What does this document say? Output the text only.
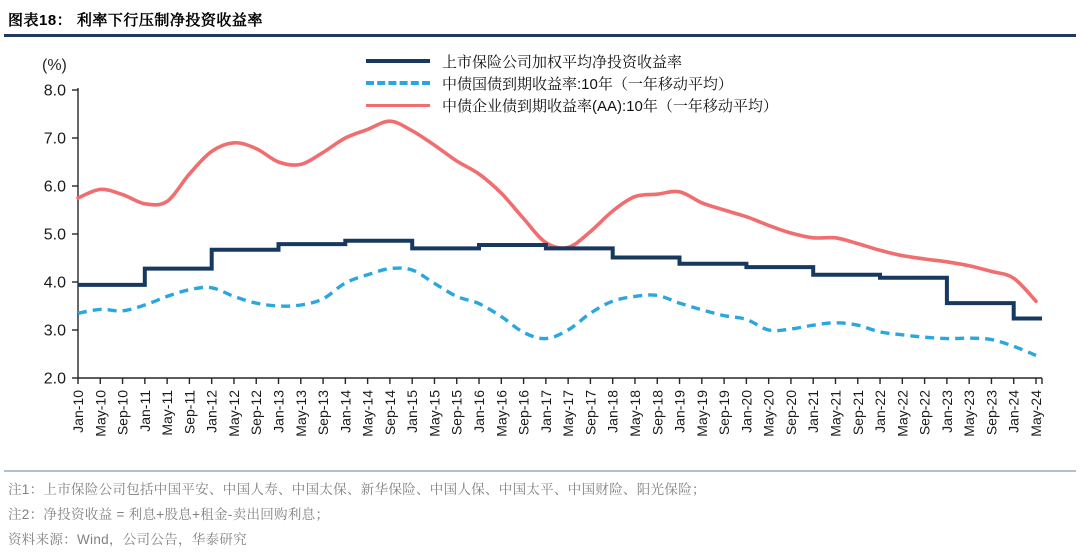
图表18： 利率下行压制净投资收益率
2.0
3.0
4.0
5.0
6.0
7.0
8.0
Jan-10 May-10 Sep-10 Jan-11 May-11 Sep-11 Jan-12 May-12 Sep-12 Jan-13 May-13 Sep-13 Jan-14 May-14 Sep-14 Jan-15 May-15 Sep-15 Jan-16 May-16 Sep-16 Jan-17 May-17 Sep-17 Jan-18 May-18 Sep-18 Jan-19 May-19 Sep-19 Jan-20 May-20 Sep-20 Jan-21 May-21 Sep-21 Jan-22 May-22 Sep-22 Jan-23 May-23 Sep-23 Jan-24 May-24
(%)	上市保险公司加权平均净投资收益率
中债国债到期收益率:10年（一年移动平均）
中债企业债到期收益率(AA):10年（一年移动平均）
注1：上市保险公司包括中国平安、中国人寿、中国太保、新华保险、中国人保、中国太平、中国财险、阳光保险；
注2：净投资收益 = 利息+股息+租金-卖出回购利息；
资料来源：Wind，公司公告，华泰研究
